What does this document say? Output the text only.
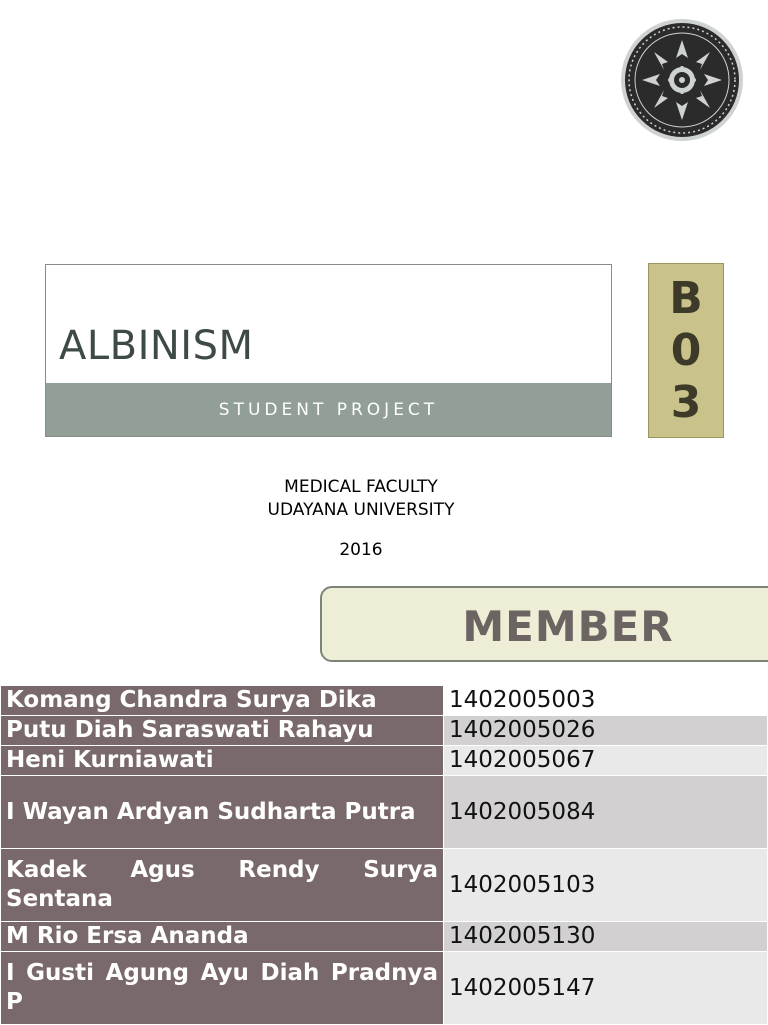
ALBINISM
STUDENT PROJECT
B
0
3
MEDICAL FACULTY
UDAYANA UNIVERSITY
2016
MEMBER
Komang Chandra Surya Dika	1402005003
Putu Diah Saraswati Rahayu	1402005026
Heni Kurniawati	1402005067
I Wayan Ardyan Sudharta Putra	1402005084
Kadek Agus Rendy Surya Sentana	1402005103
M Rio Ersa Ananda	1402005130
I Gusti Agung Ayu Diah Pradnya P	1402005147
